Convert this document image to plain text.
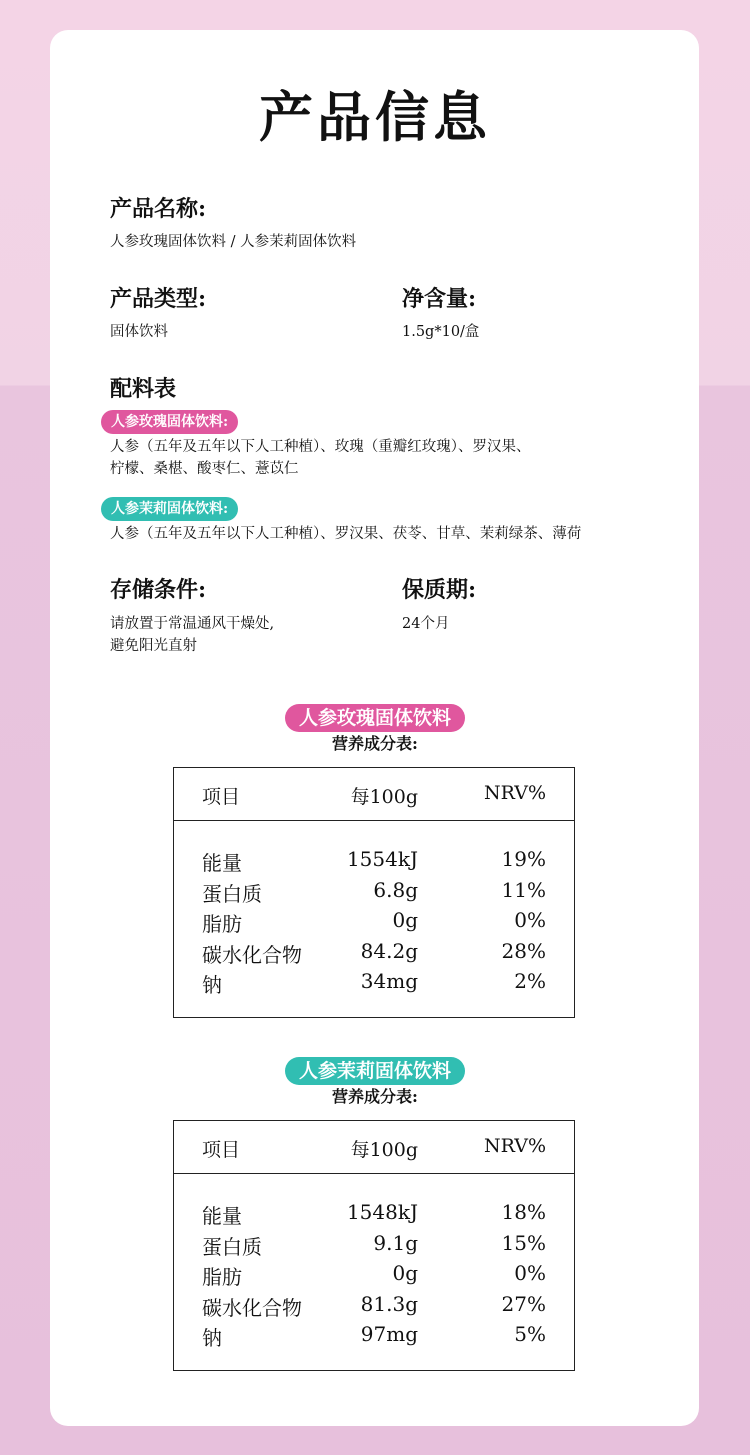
产品信息
产品名称:
人参玫瑰固体饮料 / 人参茉莉固体饮料
产品类型:
固体饮料
净含量:
1.5g*10/盒
配料表
人参玫瑰固体饮料:
人参（五年及五年以下人工种植）、玫瑰（重瓣红玫瑰）、罗汉果、
柠檬、桑椹、酸枣仁、薏苡仁
人参茉莉固体饮料:
人参（五年及五年以下人工种植）、罗汉果、茯苓、甘草、茉莉绿茶、薄荷
存储条件:
请放置于常温通风干燥处,
避免阳光直射
保质期:
24个月
人参玫瑰固体饮料
营养成分表:
项目	每100g	NRV%
能量	1554kJ	19%
蛋白质	6.8g	11%
脂肪	0g	0%
碳水化合物	84.2g	28%
钠	34mg	2%
人参茉莉固体饮料
营养成分表:
项目	每100g	NRV%
能量	1548kJ	18%
蛋白质	9.1g	15%
脂肪	0g	0%
碳水化合物	81.3g	27%
钠	97mg	5%
